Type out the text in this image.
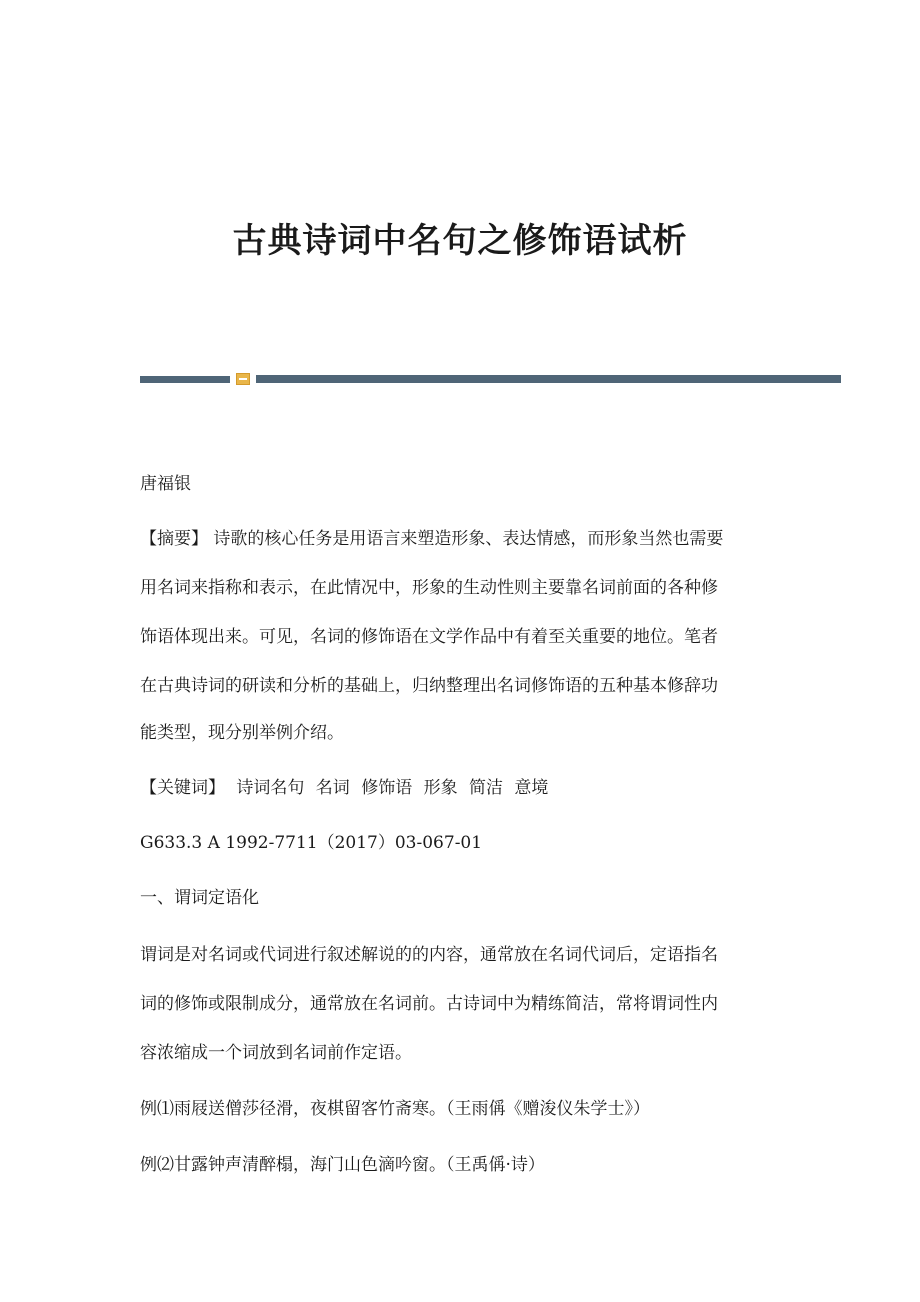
古典诗词中名句之修饰语试析

唐福银

【摘要】 诗歌的核心任务是用语言来塑造形象、表达情感，而形象当然也需要

用名词来指称和表示，在此情况中，形象的生动性则主要靠名词前面的各种修

饰语体现出来。可见，名词的修饰语在文学作品中有着至关重要的地位。笔者

在古典诗词的研读和分析的基础上，归纳整理出名词修饰语的五种基本修辞功

能类型，现分别举例介绍。

【关键词】 诗词名句 名词 修饰语 形象 简洁 意境

G633.3 A 1992-7711（2017）03-067-01

一、谓词定语化

谓词是对名词或代词进行叙述解说的的内容，通常放在名词代词后，定语指名

词的修饰或限制成分，通常放在名词前。古诗词中为精练简洁，常将谓词性内

容浓缩成一个词放到名词前作定语。

例⑴雨屐送僧莎径滑，夜棋留客竹斋寒。（王雨偁《赠浚仪朱学士》）

例⑵甘露钟声清醉榻，海门山色滴吟窗。（王禹偁·诗）
